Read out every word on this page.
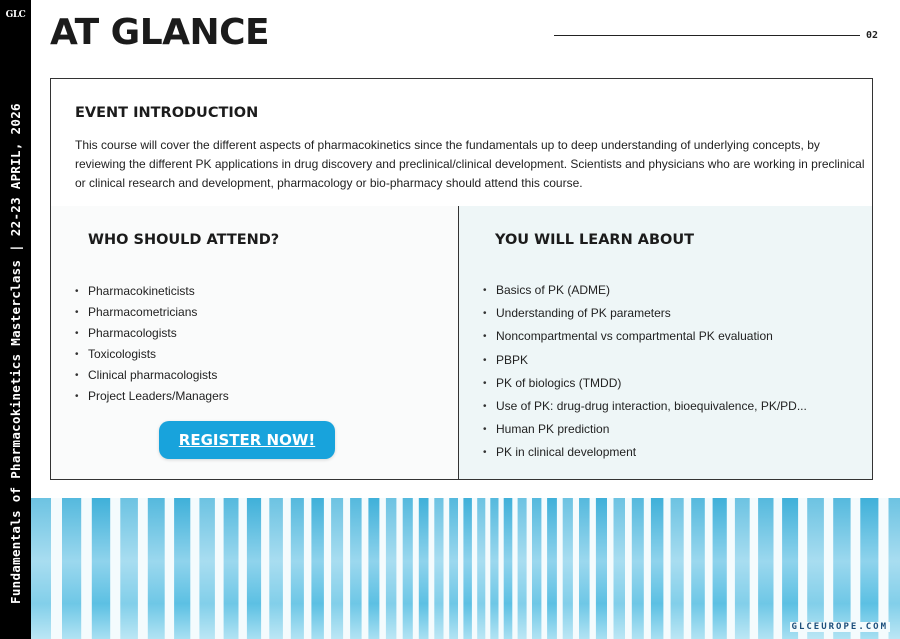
GLC
Fundamentals of Pharmacokinetics Masterclass | 22-23 APRIL, 2026
AT GLANCE	02
EVENT INTRODUCTION

This course will cover the different aspects of pharmacokinetics since the fundamentals up to deep understanding of underlying concepts, by reviewing the different PK applications in drug discovery and preclinical/clinical development. Scientists and physicians who are working in preclinical or clinical research and development, pharmacology or bio-pharmacy should attend this course.

WHO SHOULD ATTEND?
• Pharmacokineticists
• Pharmacometricians
• Pharmacologists
• Toxicologists
• Clinical pharmacologists
• Project Leaders/Managers
REGISTER NOW!
YOU WILL LEARN ABOUT
• Basics of PK (ADME)
• Understanding of PK parameters
• Noncompartmental vs compartmental PK evaluation
• PBPK
• PK of biologics (TMDD)
• Use of PK: drug-drug interaction, bioequivalence, PK/PD...
• Human PK prediction
• PK in clinical development
GLCEUROPE.COM
